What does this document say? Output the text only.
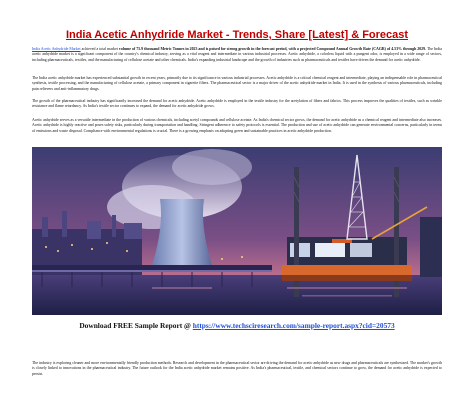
India Acetic Anhydride Market - Trends, Share [Latest] & Forecast

India Acetic Anhydride Market achieved a total market volume of 75.9 thousand Metric Tonnes in 2023 and is poised for strong growth in the forecast period, with a projected Compound Annual Growth Rate (CAGR) of 4.53% through 2029. The India acetic anhydride market is a significant component of the country's chemical industry, serving as a vital reagent and intermediate in various industrial processes. Acetic anhydride, a colorless liquid with a pungent odor, is employed in a wide range of sectors, including pharmaceuticals, textiles, and the manufacturing of cellulose acetate and other chemicals. India's expanding industrial landscape and the growth of industries such as pharmaceuticals and textiles have driven the demand for acetic anhydride.

The India acetic anhydride market has experienced substantial growth in recent years, primarily due to its significance in various industrial processes. Acetic anhydride is a critical chemical reagent and intermediate, playing an indispensable role in pharmaceutical synthesis, textile processing, and the manufacturing of cellulose acetate, a primary component in cigarette filters. The pharmaceutical sector is a major driver of the acetic anhydride market in India. It is used in the synthesis of various pharmaceuticals, including pain relievers and anti-inflammatory drugs.

The growth of the pharmaceutical industry has significantly increased the demand for acetic anhydride. Acetic anhydride is employed in the textile industry for the acetylation of fibers and fabrics. This process improves the qualities of textiles, such as wrinkle resistance and flame retardancy. As India's textile sector continues to expand, the demand for acetic anhydride grows.

Acetic anhydride serves as a versatile intermediate in the production of various chemicals, including acetyl compounds and cellulose acetate. As India's chemical sector grows, the demand for acetic anhydride as a chemical reagent and intermediate also increases. Acetic anhydride is highly reactive and poses safety risks, particularly during transportation and handling. Stringent adherence to safety protocols is essential. The production and use of acetic anhydride can generate environmental concerns, particularly in terms of emissions and waste disposal. Compliance with environmental regulations is crucial. There is a growing emphasis on adopting green and sustainable practices in acetic anhydride production.

Download FREE Sample Report @ https://www.techsciresearch.com/sample-report.aspx?cid=20573

The industry is exploring cleaner and more environmentally friendly production methods. Research and development in the pharmaceutical sector are driving the demand for acetic anhydride as new drugs and pharmaceuticals are synthesized. The market's growth is closely linked to innovations in the pharmaceutical industry. The future outlook for the India acetic anhydride market remains positive. As India's pharmaceutical, textile, and chemical sectors continue to grow, the demand for acetic anhydride is expected to persist.
